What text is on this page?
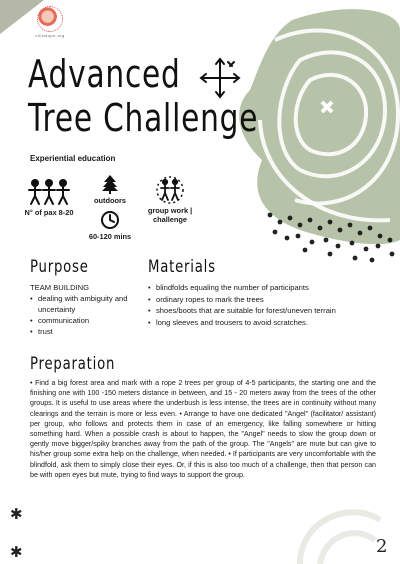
villlatopo.org
Advanced
Tree Challenge
Experiential education
N° of pax 8-20
outdoors
60-120 mins
group work |
challenge
Purpose
TEAM BUILDING
• dealing with ambiguity and uncertainty
• communication
• trust
Materials
• blindfolds equaling the number of participants
• ordinary ropes to mark the trees
• shoes/boots that are suitable for forest/uneven terrain
• long sleeves and trousers to avoid scratches.
Preparation

• Find a big forest area and mark with a rope 2 trees per group of 4-5 participants, the starting one and the finishing one with 100 -150 meters distance in between, and 15 - 20 meters away from the trees of the other groups. It is useful to use areas where the underbush is less intense, the trees are in continuity without many clearings and the terrain is more or less even. • Arrange to have one dedicated "Angel" (facilitator/ assistant) per group, who follows and protects them in case of an emergency, like falling somewhere or hitting something hard. When a possible crash is about to happen, the "Angel" needs to slow the group down or gently move bigger/spiky branches away from the path of the group. The "Angels" are mute but can give to his/her group some extra help on the challenge, when needed. • If participants are very uncomfortable with the blindfold, ask them to simply close their eyes. Or, if this is also too much of a challenge, then that person can be with open eyes but mute, trying to find ways to support the group.

✱
✱	2
